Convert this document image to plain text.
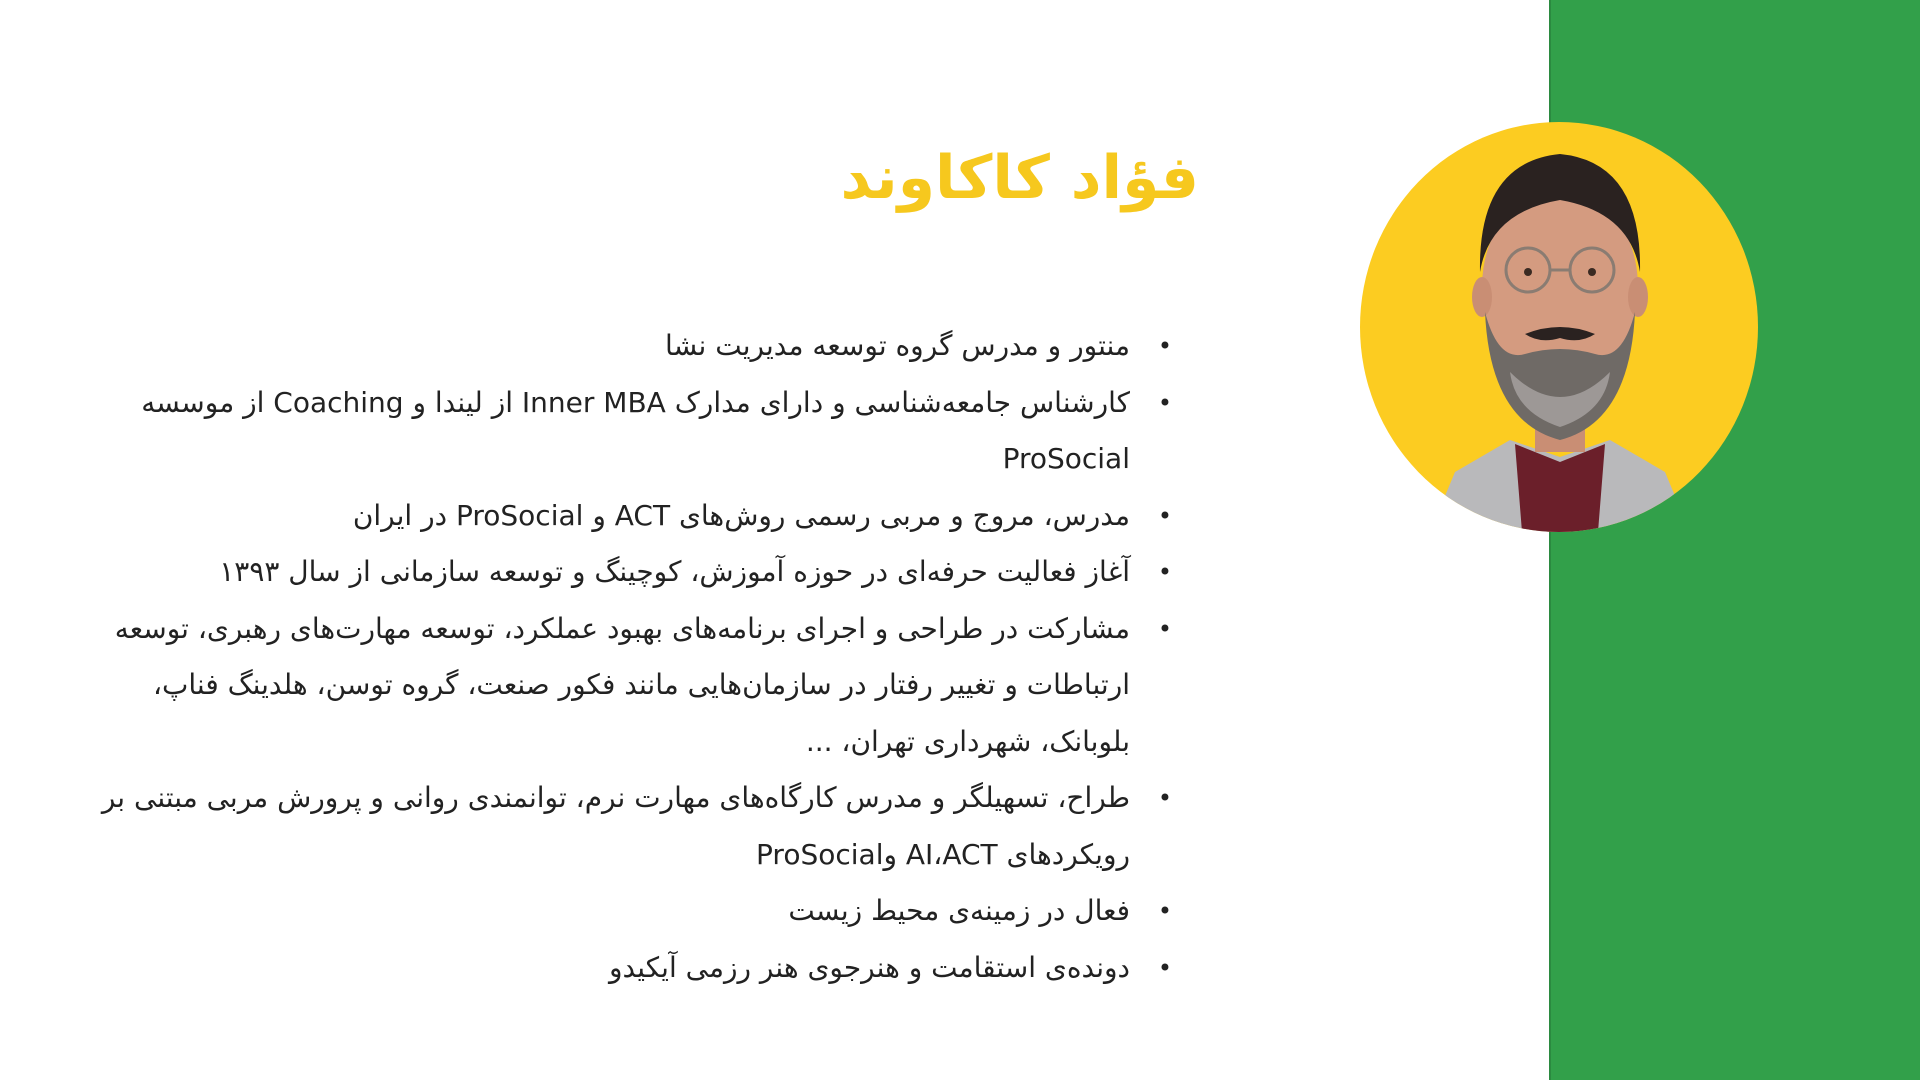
فؤاد کاکاوند
• منتور و مدرس گروه توسعه مدیریت نشا
• کارشناس جامعه‌شناسی و دارای مدارک Inner MBA از لیندا و Coaching از موسسه ProSocial
• مدرس، مروج و مربی رسمی روش‌های ACT و ProSocial در ایران
• آغاز فعالیت حرفه‌ای در حوزه آموزش، کوچینگ و توسعه سازمانی از سال ۱۳۹۳
• مشارکت در طراحی و اجرای برنامه‌های بهبود عملکرد، توسعه مهارت‌های رهبری، توسعه ارتباطات و تغییر رفتار در سازمان‌هایی مانند فکور صنعت، گروه توسن، هلدینگ فناپ، بلوبانک، شهرداری تهران، ...
• طراح، تسهیلگر و مدرس کارگاه‌های مهارت نرم، توانمندی روانی و پرورش مربی مبتنی بر رویکردهای AI،ACT وProSocial
• فعال در زمینه‌ی محیط زیست
• دونده‌ی استقامت و هنرجوی هنر رزمی آیکیدو
